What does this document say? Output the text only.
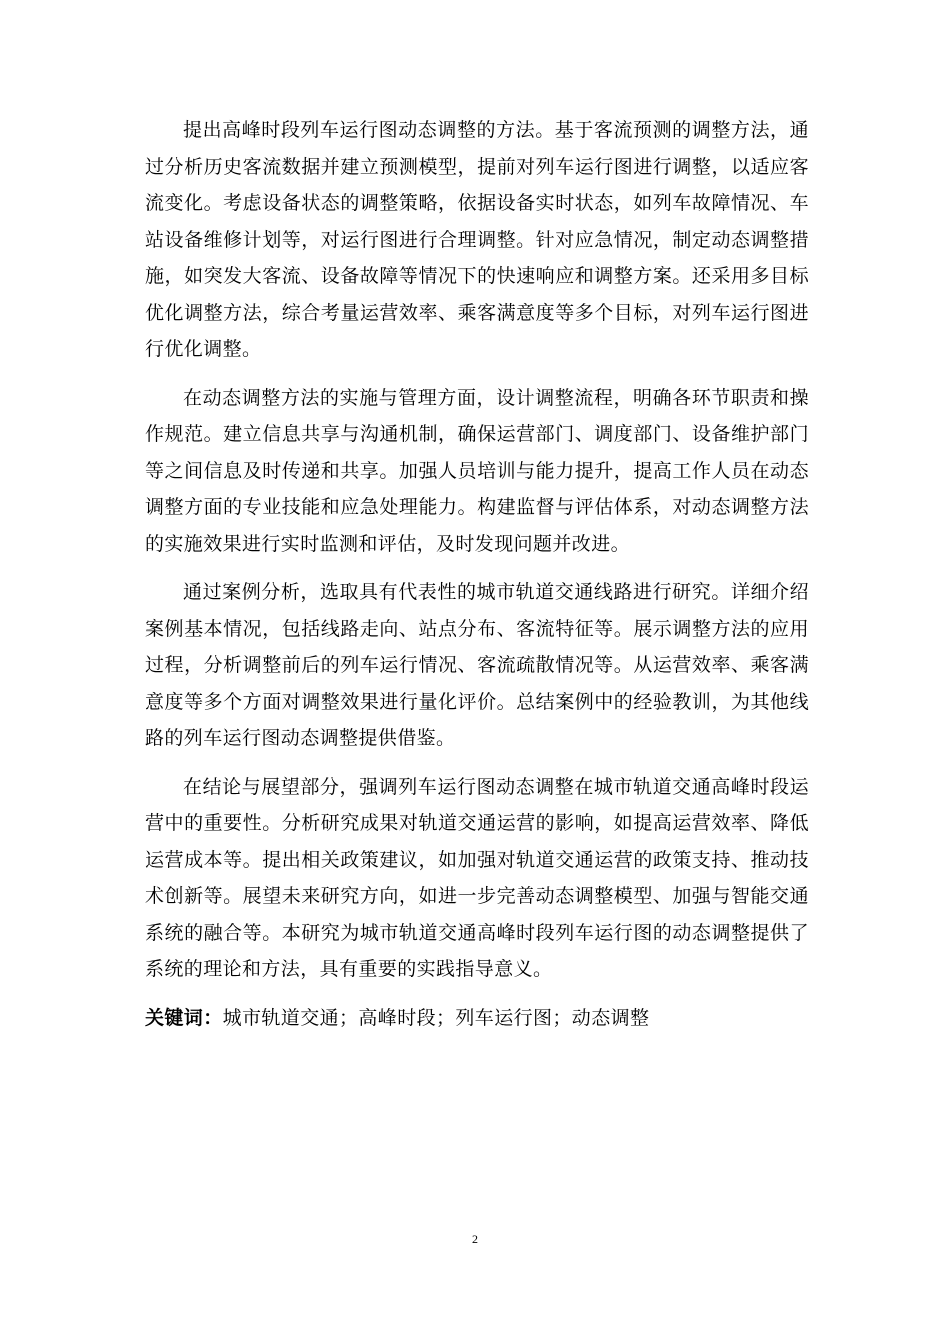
提出高峰时段列车运行图动态调整的方法。基于客流预测的调整方法，通过分析历史客流数据并建立预测模型，提前对列车运行图进行调整，以适应客流变化。考虑设备状态的调整策略，依据设备实时状态，如列车故障情况、车站设备维修计划等，对运行图进行合理调整。针对应急情况，制定动态调整措施，如突发大客流、设备故障等情况下的快速响应和调整方案。还采用多目标优化调整方法，综合考量运营效率、乘客满意度等多个目标，对列车运行图进行优化调整。

在动态调整方法的实施与管理方面，设计调整流程，明确各环节职责和操作规范。建立信息共享与沟通机制，确保运营部门、调度部门、设备维护部门等之间信息及时传递和共享。加强人员培训与能力提升，提高工作人员在动态调整方面的专业技能和应急处理能力。构建监督与评估体系，对动态调整方法的实施效果进行实时监测和评估，及时发现问题并改进。

通过案例分析，选取具有代表性的城市轨道交通线路进行研究。详细介绍案例基本情况，包括线路走向、站点分布、客流特征等。展示调整方法的应用过程，分析调整前后的列车运行情况、客流疏散情况等。从运营效率、乘客满意度等多个方面对调整效果进行量化评价。总结案例中的经验教训，为其他线路的列车运行图动态调整提供借鉴。

在结论与展望部分，强调列车运行图动态调整在城市轨道交通高峰时段运营中的重要性。分析研究成果对轨道交通运营的影响，如提高运营效率、降低运营成本等。提出相关政策建议，如加强对轨道交通运营的政策支持、推动技术创新等。展望未来研究方向，如进一步完善动态调整模型、加强与智能交通系统的融合等。本研究为城市轨道交通高峰时段列车运行图的动态调整提供了系统的理论和方法，具有重要的实践指导意义。

关键词：城市轨道交通；高峰时段；列车运行图；动态调整

2
